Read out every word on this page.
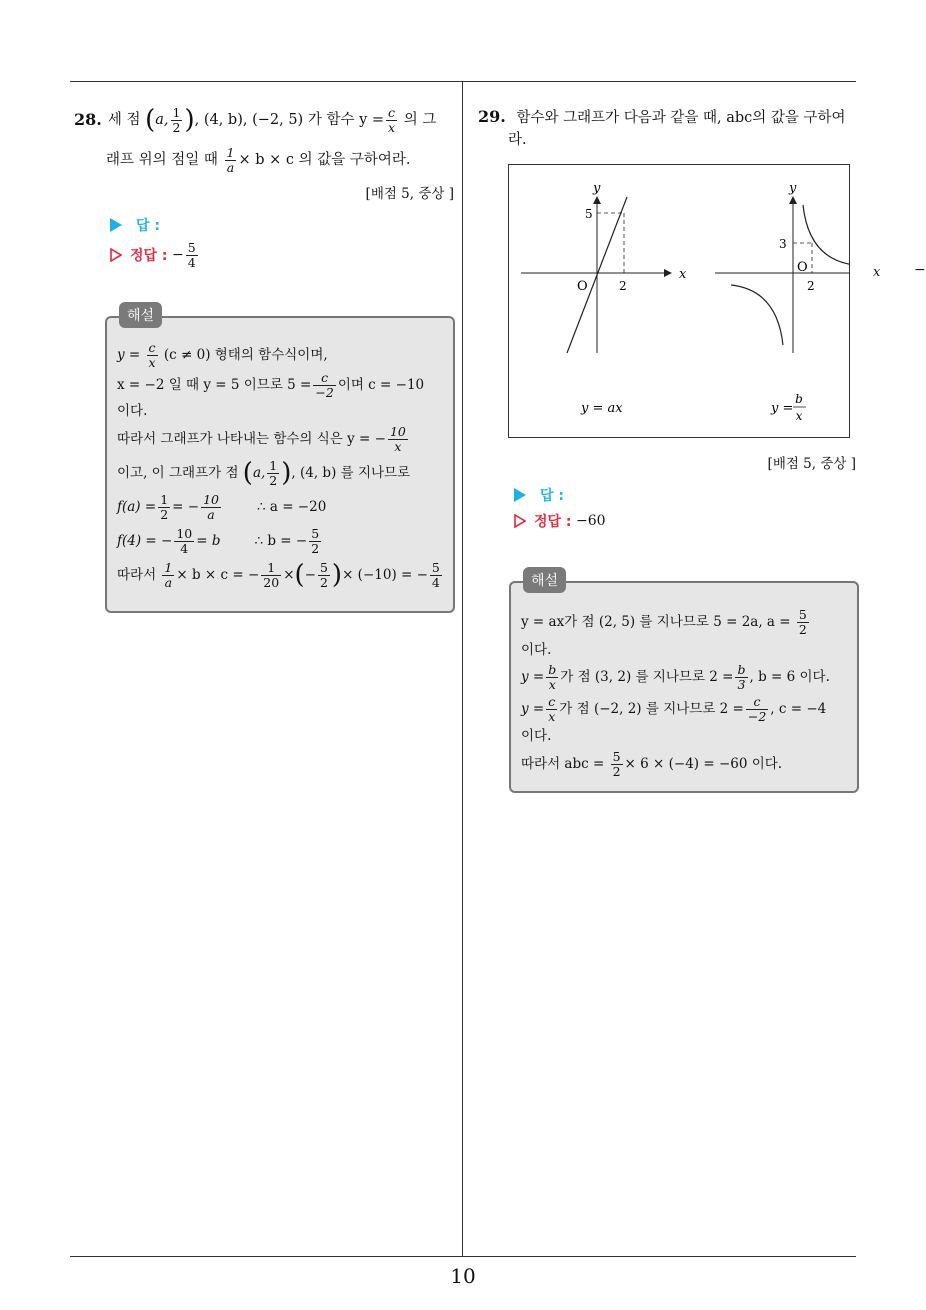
10

28. 세 점
( a, $\frac{1}{2}$ ) , (4, b), (−2, 5) 가 함수 $y = \frac{c}{x}$
의 그

래프 위의 점일 때
$\frac{1}{a} \times b \times c$ 의 값을 구하여라.

[배점 5, 중상 ]
답 :
정답 :
− $\frac{5}{4}$
해설

y =
$\frac{c}{x}$
(c ≠ 0) 형태의 함수식이며,

x = −2 일 때 y = 5 이므로 $5 = \frac{c}{-2}$ 이며 c = −10

이다.

따라서 그래프가 나타내는 함수의 식은 y = − $\frac{10}{x}$

이고, 이 그래프가 점
( a, $\frac{1}{2}$ ) , (4, b) 를 지나므로

$f(a) = \frac{1}{2}$ = − $\frac{10}{a}$	∴ a = −20

f(4) = − $\frac{10}{4} = b$	∴ b = − $\frac{5}{2}$

따라서
$\frac{1}{a} \times b \times c$ = − $\frac{1}{20}$ × ( − $\frac{5}{2}$ ) × (−10) = − $\frac{5}{4}$

29. 함수와 그래프가 다음과 같을 때, abc의 값을 구하여

라.

y
x
O
5
2
y = ax
y
O
3
2
y =
b
x
x −
[배점 5, 중상 ]
답 :
정답 :
−60
해설

y = ax가 점 (2, 5) 를 지나므로 5 = 2a, a =
$\frac{5}{2}$

이다.

$y = \frac{b}{x}$ 가 점 (3, 2) 를 지나므로 $2 = \frac{b}{3}$ , b = 6 이다.

$y = \frac{c}{x}$ 가 점 (−2, 2) 를 지나므로 $2 = \frac{c}{-2}$ , c = −4

이다.

따라서 abc =
$\frac{5}{2} \times 6 \times (-4) = -60$ 이다.
